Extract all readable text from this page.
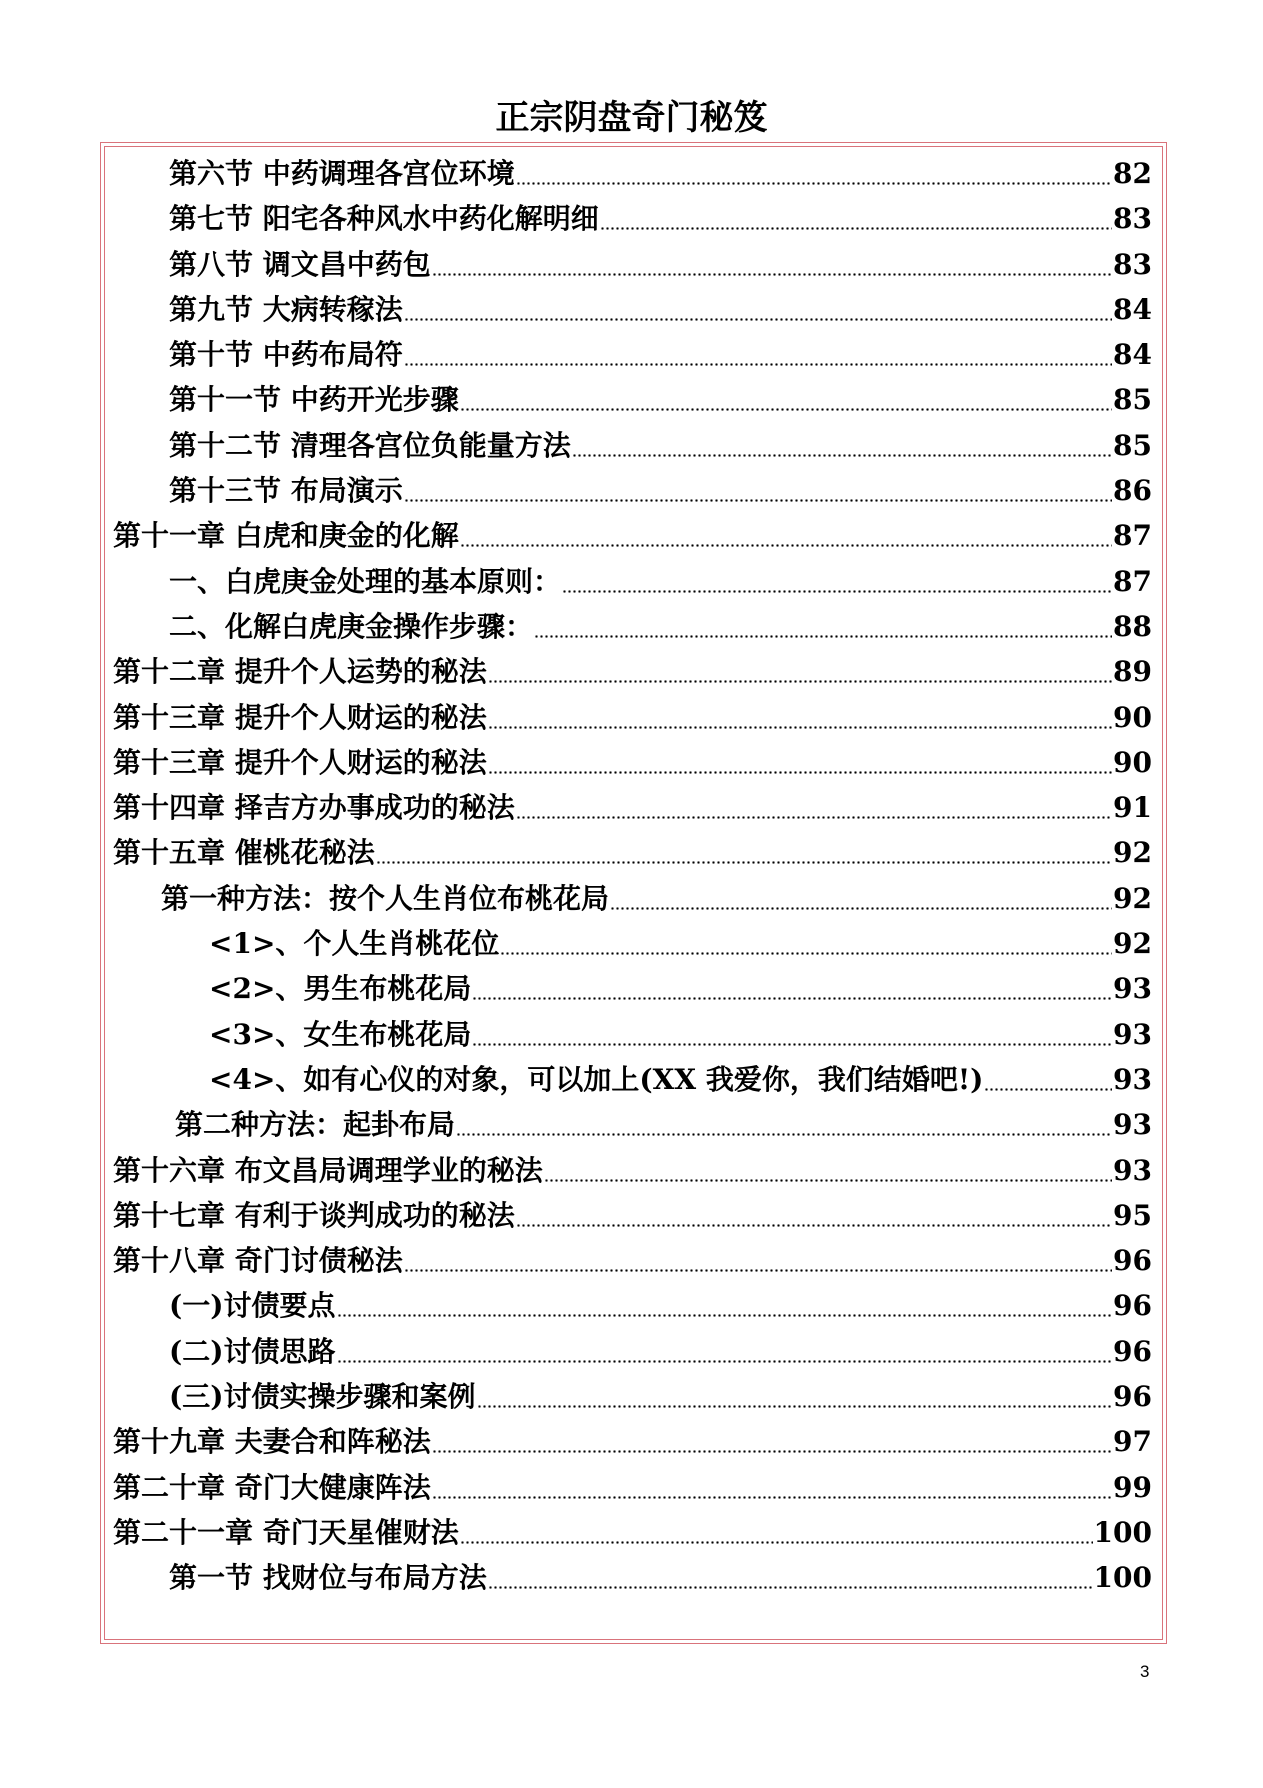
正宗阴盘奇门秘笈
第六节 中药调理各宫位环境	82
第七节 阳宅各种风水中药化解明细	83
第八节 调文昌中药包	83
第九节 大病转稼法	84
第十节 中药布局符	84
第十一节 中药开光步骤	85
第十二节 清理各宫位负能量方法	85
第十三节 布局演示	86
第十一章 白虎和庚金的化解	87
一、白虎庚金处理的基本原则：	87
二、化解白虎庚金操作步骤：	88
第十二章 提升个人运势的秘法	89
第十三章 提升个人财运的秘法	90
第十三章 提升个人财运的秘法	90
第十四章 择吉方办事成功的秘法	91
第十五章 催桃花秘法	92
第一种方法：按个人生肖位布桃花局	92
<1>、个人生肖桃花位	92
<2>、男生布桃花局	93
<3>、女生布桃花局	93
<4>、如有心仪的对象，可以加上(XX 我爱你，我们结婚吧!)	93
第二种方法：起卦布局	93
第十六章 布文昌局调理学业的秘法	93
第十七章 有利于谈判成功的秘法	95
第十八章 奇门讨债秘法	96
(一)讨债要点	96
(二)讨债思路	96
(三)讨债实操步骤和案例	96
第十九章 夫妻合和阵秘法	97
第二十章 奇门大健康阵法	99
第二十一章 奇门天星催财法	100
第一节 找财位与布局方法	100
3
